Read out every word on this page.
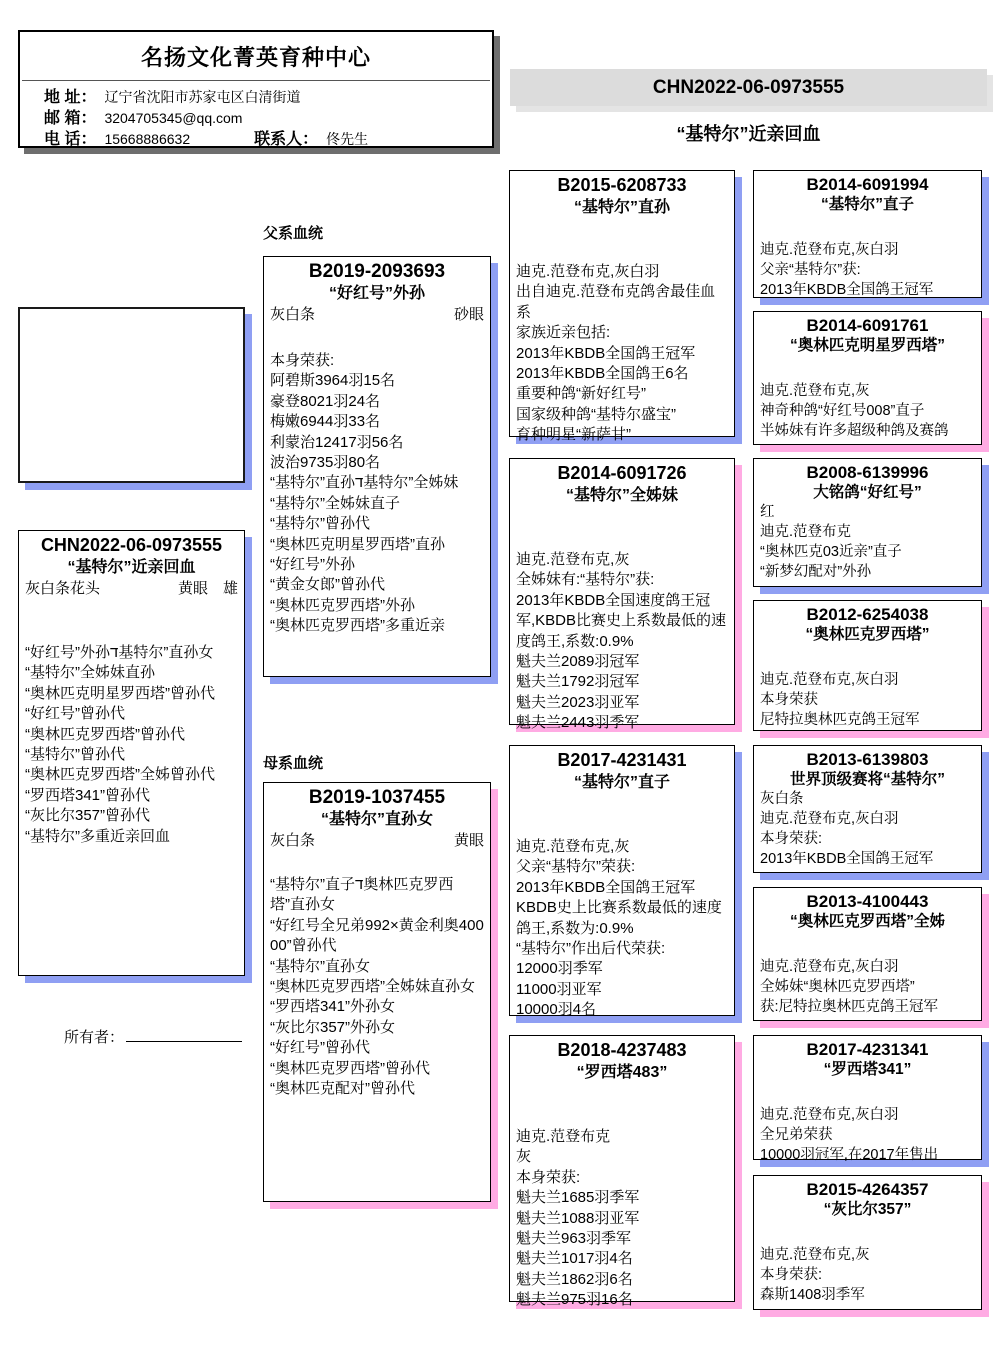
名扬文化菁英育种中心
地 址： 辽宁省沈阳市苏家屯区白清街道
邮 箱： 3204705345@qq.com
电 话： 15668886632	联系人： 佟先生
CHN2022-06-0973555
“基特尔”近亲回血
CHN2022-06-0973555
“基特尔”近亲回血
灰白条花头	黄眼　雄
“好红号”外孙ד基特尔”直孙女
“基特尔”全姊妹直孙
“奥林匹克明星罗西塔”曾孙代
“好红号”曾孙代
“奥林匹克罗西塔”曾孙代
“基特尔”曾孙代
“奥林匹克罗西塔”全姊曾孙代
“罗西塔341”曾孙代
“灰比尔357”曾孙代
“基特尔”多重近亲回血
父系血统
B2019-2093693
“好红号”外孙
灰白条	砂眼
本身荣获:
阿碧斯3964羽15名
豪登8021羽24名
梅嫩6944羽33名
利蒙治12417羽56名
波治9735羽80名
“基特尔”直孙ד基特尔”全姊妹
“基特尔”全姊妹直子
“基特尔”曾孙代
“奥林匹克明星罗西塔”直孙
“好红号”外孙
“黄金女郎”曾孙代
“奥林匹克罗西塔”外孙
“奥林匹克罗西塔”多重近亲
母系血统
B2019-1037455
“基特尔”直孙女
灰白条	黄眼
“基特尔”直子ד奥林匹克罗西塔”直孙女
“好红号全兄弟992×黄金利奥40000”曾孙代
“基特尔”直孙女
“奥林匹克罗西塔”全姊妹直孙女
“罗西塔341”外孙女
“灰比尔357”外孙女
“好红号”曾孙代
“奥林匹克罗西塔”曾孙代
“奥林匹克配对”曾孙代
B2015-6208733
“基特尔”直孙
迪克.范登布克,灰白羽
出自迪克.范登布克鸽舍最佳血系
家族近亲包括:
2013年KBDB全国鸽王冠军
2013年KBDB全国鸽王6名
重要种鸽“新好红号”
国家级种鸽“基特尔盛宝”
育种明星“新萨甘”
B2014-6091726
“基特尔”全姊妹
迪克.范登布克,灰
全姊妹有:“基特尔”获:
2013年KBDB全国速度鸽王冠军,KBDB比赛史上系数最低的速度鸽王,系数:0.9%
魁夫兰2089羽冠军
魁夫兰1792羽冠军
魁夫兰2023羽亚军
魁夫兰2443羽季军
B2017-4231431
“基特尔”直子
迪克.范登布克,灰
父亲“基特尔”荣获:
2013年KBDB全国鸽王冠军
KBDB史上比赛系数最低的速度鸽王,系数为:0.9%
“基特尔”作出后代荣获:
12000羽季军
11000羽亚军
10000羽4名
B2018-4237483
“罗西塔483”
迪克.范登布克
灰
本身荣获:
魁夫兰1685羽季军
魁夫兰1088羽亚军
魁夫兰963羽季军
魁夫兰1017羽4名
魁夫兰1862羽6名
魁夫兰975羽16名
B2014-6091994
“基特尔”直子
迪克.范登布克,灰白羽
父亲“基特尔”获:
2013年KBDB全国鸽王冠军
B2014-6091761
“奥林匹克明星罗西塔”
迪克.范登布克,灰
神奇种鸽“好红号008”直子
半姊妹有许多超级种鸽及赛鸽
B2008-6139996
大铭鸽“好红号”
红
迪克.范登布克
“奥林匹克03近亲”直子
“新梦幻配对”外孙
B2012-6254038
“奥林匹克罗西塔”
迪克.范登布克,灰白羽
本身荣获
尼特拉奥林匹克鸽王冠军
B2013-6139803
世界顶级赛将“基特尔”
灰白条
迪克.范登布克,灰白羽
本身荣获:
2013年KBDB全国鸽王冠军
B2013-4100443
“奥林匹克罗西塔”全姊
迪克.范登布克,灰白羽
全姊妹“奥林匹克罗西塔”
获:尼特拉奥林匹克鸽王冠军
B2017-4231341
“罗西塔341”
迪克.范登布克,灰白羽
全兄弟荣获
10000羽冠军,在2017年售出
B2015-4264357
“灰比尔357”
迪克.范登布克,灰
本身荣获:
森斯1408羽季军
所有者：
